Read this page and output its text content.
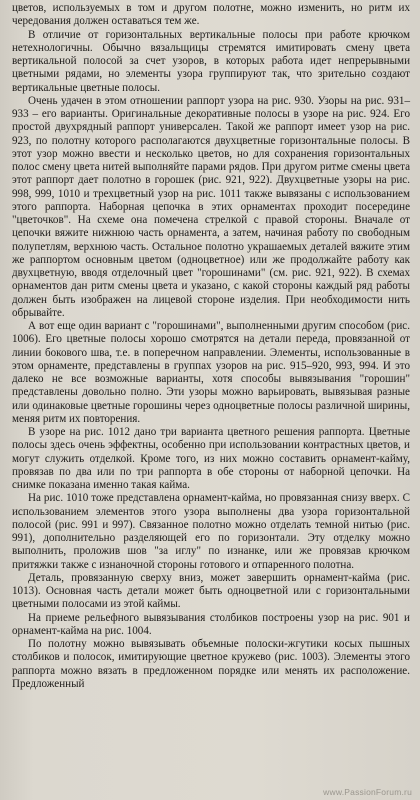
цветов, используемых в том и другом полотне, можно изменить, но ритм их чередования должен оставаться тем же.

В отличие от горизонтальных вертикальные полосы при работе крючком нетехнологичны. Обычно вязальщицы стремятся имитировать смену цвета вертикальной полосой за счет узоров, в которых работа идет непрерывными цветными рядами, но элементы узора группируют так, что зрительно создают вертикальные цветные полосы.

Очень удачен в этом отношении раппорт узора на рис. 930. Узоры на рис. 931–933 – его варианты. Оригинальные декоративные полосы в узоре на рис. 924. Его простой двухрядный раппорт универсален. Такой же раппорт имеет узор на рис. 923, по полотну которого располагаются двухцветные горизонтальные полосы. В этот узор можно ввести и несколько цветов, но для сохранения горизонтальных полос смену цвета нитей выполняйте парами рядов. При другом ритме смены цвета этот раппорт дает полотно в горошек (рис. 921, 922). Двухцветные узоры на рис. 998, 999, 1010 и трехцветный узор на рис. 1011 также вывязаны с использованием этого раппорта. Наборная цепочка в этих орнаментах проходит посередине "цветочков". На схеме она помечена стрелкой с правой стороны. Вначале от цепочки вяжите нижнюю часть орнамента, а затем, начиная работу по свободным полупетлям, верхнюю часть. Остальное полотно украшаемых деталей вяжите этим же раппортом основным цветом (одноцветное) или же продолжайте работу как двухцветную, вводя отделочный цвет "горошинами" (см. рис. 921, 922). В схемах орнаментов дан ритм смены цвета и указано, с какой стороны каждый ряд работы должен быть изображен на лицевой стороне изделия. При необходимости нить обрывайте.

А вот еще один вариант с "горошинами", выполненными другим способом (рис. 1006). Его цветные полосы хорошо смотрятся на детали переда, провязанной от линии бокового шва, т.е. в поперечном направлении. Элементы, использованные в этом орнаменте, представлены в группах узоров на рис. 915–920, 993, 994. И это далеко не все возможные варианты, хотя способы вывязывания "горошин" представлены довольно полно. Эти узоры можно варьировать, вывязывая разные или одинаковые цветные горошины через одноцветные полосы различной ширины, меняя ритм их повторения.

В узоре на рис. 1012 дано три варианта цветного решения раппорта. Цветные полосы здесь очень эффектны, особенно при использовании контрастных цветов, и могут служить отделкой. Кроме того, из них можно составить орнамент-кайму, провязав по два или по три раппорта в обе стороны от наборной цепочки. На снимке показана именно такая кайма.

На рис. 1010 тоже представлена орнамент-кайма, но провязанная снизу вверх. С использованием элементов этого узора выполнены два узора горизонтальной полосой (рис. 991 и 997). Связанное полотно можно отделать темной нитью (рис. 991), дополнительно разделяющей его по горизонтали. Эту отделку можно выполнить, проложив шов "за иглу" по изнанке, или же провязав крючком притяжки также с изнаночной стороны готового и отпаренного полотна.

Деталь, провязанную сверху вниз, может завершить орнамент-кайма (рис. 1013). Основная часть детали может быть одноцветной или с горизонтальными цветными полосами из этой каймы.

На приеме рельефного вывязывания столбиков построены узор на рис. 901 и орнамент-кайма на рис. 1004.

По полотну можно вывязывать объемные полоски-жгутики косых пышных столбиков и полосок, имитирующие цветное кружево (рис. 1003). Элементы этого раппорта можно вязать в предложенном порядке или менять их расположение. Предложенный

www.PassionForum.ru
